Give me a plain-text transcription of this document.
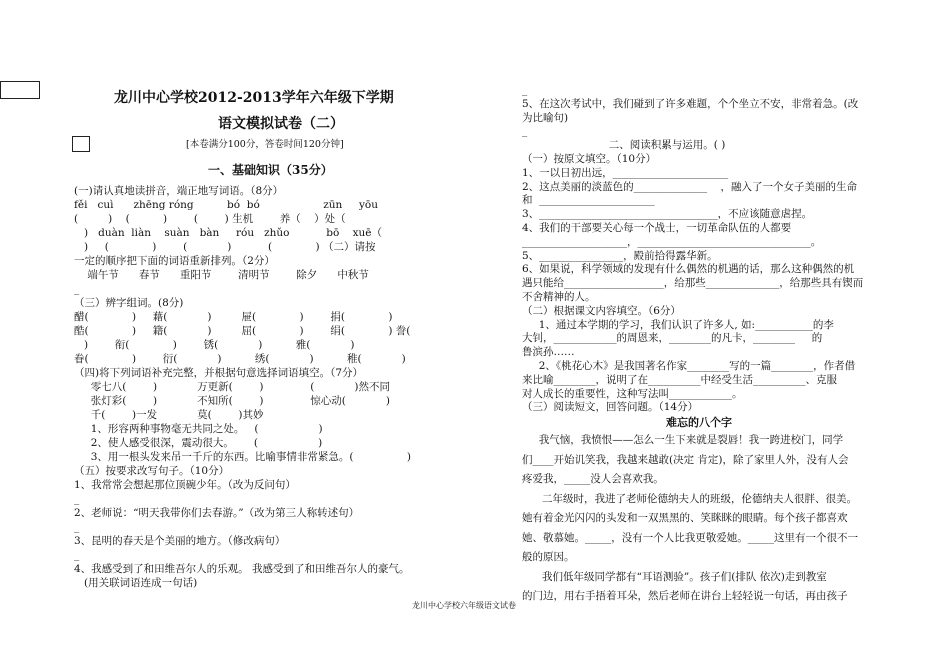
龙川中心学校2012-2013学年六年级下学期
语文模拟试卷（二）
[本卷满分100分，答卷时间120分钟]
一、基础知识（35分）
(一)请认真地读拼音，端正地写词语。（8分）
fěi   cuì      zhēng róng          bó  bó                   zūn     yōu
(         )    (          )        (        ) 生机        养（    ）处（
)   duàn  liàn    suàn   bàn     róu   zhǔo           bō    xuē（
)     (             )        (            )           (             ) （二）请按
一定的顺序把下面的词语重新排列。（2分）
端午节      春节      重阳节        清明节        除夕      中秋节
_
（三）辨字组词。(8分)
醋(             )     藉(            )         屉(             )        捐(             )
酷(             )     籍(            )         屈(             )        绢(             ) 誊(
)        衔(             )        锈(            )          雅(            )
眷(             )        衍(            )          绣(            )          稚(            )
（四)将下列词语补充完整，并根据句意选择词语填空。（7分）
零七八(        )            万更新(        )              (            )然不同
张灯彩(        )            不知所(        )              惊心动(            )
千(        )一发            莫(        )其妙
1、形容两种事物毫无共同之处。   (                  )
2、使人感受很深，震动很大。      (                  )
3、用一根头发来吊一千斤的东西。比喻事情非常紧急。(                )
（五）按要求改写句子。（10分）
1、我常常会想起那位顶碗少年。（改为反问句）
_
2、老师说：“明天我带你们去春游。”（改为第三人称转述句）
_
3、昆明的春天是个美丽的地方。（修改病句）
_
4、我感受到了和田维吾尔人的乐观。 我感受到了和田维吾尔人的豪气。
(用关联词语连成一句话)
_
5、在这次考试中，我们碰到了许多难题，个个坐立不安，非常着急。(改
为比喻句)
_
二、阅读积累与运用。( )
（一）按原文填空。（10分）
1、一以日初出远，______________________
2、这点美丽的淡蓝色的______________    ，融入了一个女子美丽的生命
和  ______________________
3、__________________________________，不应该随意虐捏。
4、我们的干部要关心每一个战士，一切革命队伍的人都要
____________________，_________________________________。
5、________________，殿前拾得露华新。
6、如果说，科学领域的发现有什么偶然的机遇的话，那么这种偶然的机
遇只能给___________________，给那些______________，给那些具有锲而
不舍精神的人。
（二）根据课文内容填空。（6分）
1、通过本学期的学习，我们认识了许多人, 如:___________的李
大钊，____________的周恩来，________的凡卡，________     的
鲁滨孙……
2、《桃花心木》是我国著名作家________写的一篇________，作者借
来比喻________，说明了在__________中经受生活__________、克服
对人成长的重要性，这种写法叫____________。
（三）阅读短文，回答问题。（14分）
难忘的八个字
我气恼，我愤恨——怎么一生下来就是裂唇！我一跨进校门，同学
们____开始讥笑我，我越来越敢(决定 肯定)，除了家里人外，没有人会
疼爱我，_____没人会喜欢我。
二年级时，我进了老师伦德纳夫人的班级，伦德纳夫人很胖、很美。
她有着金光闪闪的头发和一双黑黑的、笑眯眯的眼睛。每个孩子都喜欢
她、敬慕她。_____，没有一个人比我更敬爱她。_____这里有一个很不一
般的原因。
我们低年级同学都有“耳语测验”。孩子们(排队 依次)走到教室
的门边，用右手捂着耳朵，然后老师在讲台上轻轻说一句话，再由孩子
龙川中心学校六年级语文试卷
